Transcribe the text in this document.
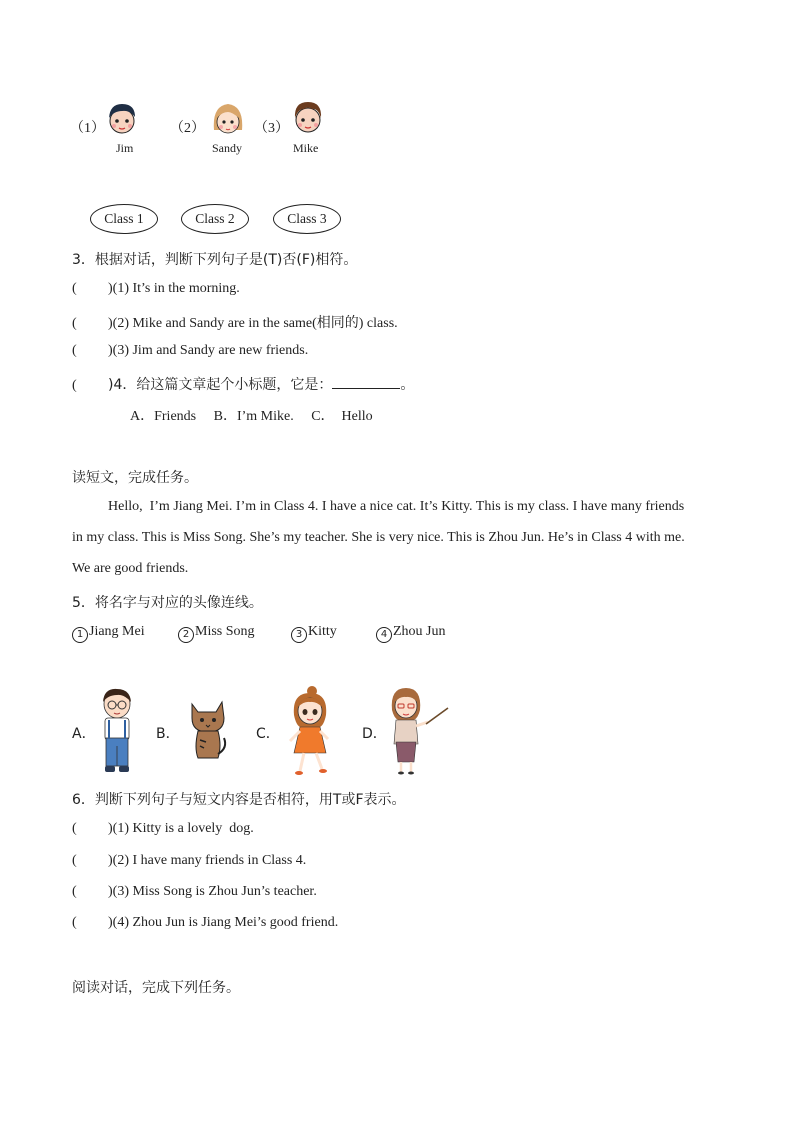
（1）	（2）	（3）
Jim	Sandy	Mike
Class 1	Class 2	Class 3
3．根据对话，判断下列句子是(T)否(F)相符。
( )(1) It’s in the morning.
( )(2) Mike and Sandy are in the same(相同的) class.
( )(3) Jim and Sandy are new friends.
( )4．给这篇文章起个小标题，它是：	。
A．Friends     B．I’m Mike.     C．  Hello
读短文，完成任务。
Hello,  I’m Jiang Mei. I’m in Class 4. I have a nice cat. It’s Kitty. This is my class. I have many friends
in my class. This is Miss Song. She’s my teacher. She is very nice. This is Zhou Jun. He’s in Class 4 with me.
We are good friends.
5．将名字与对应的头像连线。
1 Jiang Mei	2 Miss Song	3 Kitty	4 Zhou Jun
A．	B．	C．	D．
6．判断下列句子与短文内容是否相符，用T或F表示。
( )(1) Kitty is a lovely  dog.
( )(2) I have many friends in Class 4.
( )(3) Miss Song is Zhou Jun’s teacher.
( )(4) Zhou Jun is Jiang Mei’s good friend.
阅读对话，完成下列任务。
